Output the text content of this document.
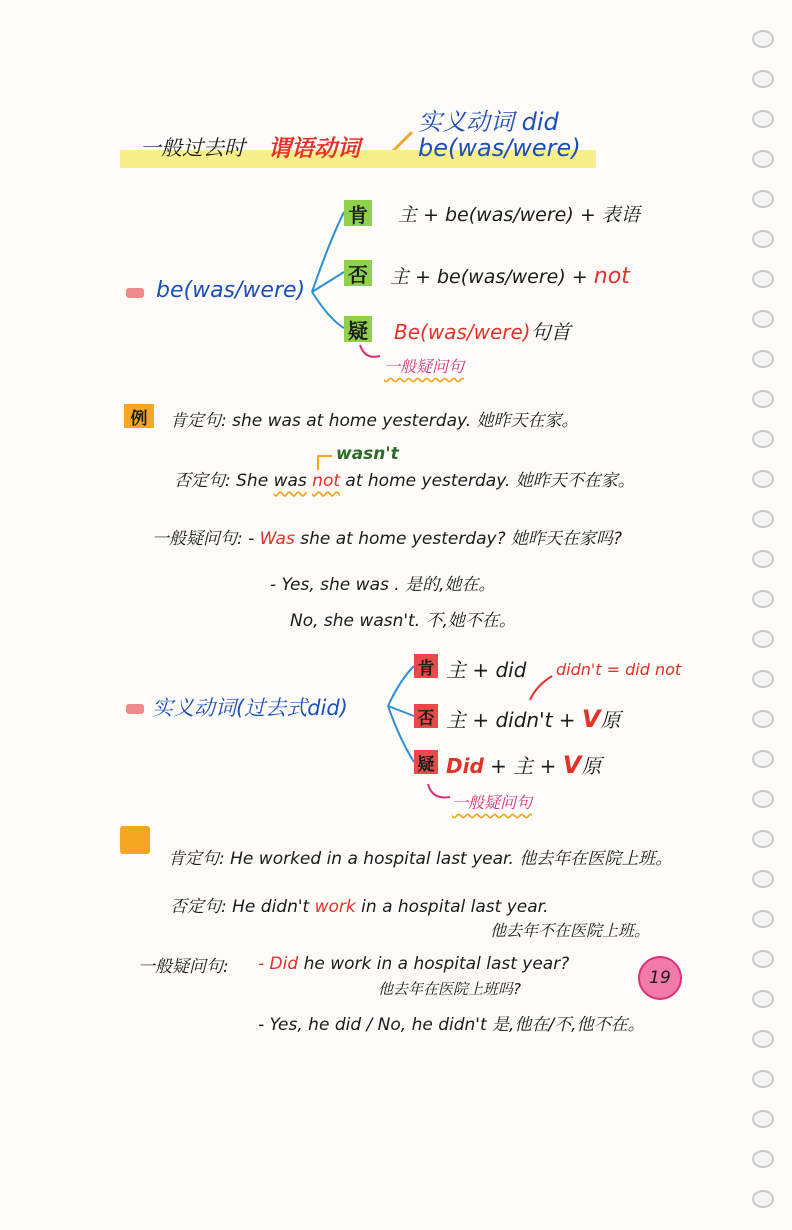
一般过去时 谓语动词
实义动词 did
be(was/were)
be(was/were)
肯 主 + be(was/were) + 表语
否 主 + be(was/were) + not
疑 Be(was/were)句首
一般疑问句
例	肯定句: she was at home yesterday. 她昨天在家。
wasn't
否定句: She was not at home yesterday. 她昨天不在家。
一般疑问句: - Was she at home yesterday? 她昨天在家吗?
- Yes, she was . 是的,她在。
No, she wasn't. 不,她不在。
实义动词(过去式did)
肯 主 + did didn't = did not
否 主 + didn't + V原
疑 Did + 主 + V原
一般疑问句
肯定句: He worked in a hospital last year. 他去年在医院上班。
否定句: He didn't work in a hospital last year.
他去年不在医院上班。
一般疑问句: - Did he work in a hospital last year?
他去年在医院上班吗?
19
- Yes, he did / No, he didn't 是,他在/不,他不在。
